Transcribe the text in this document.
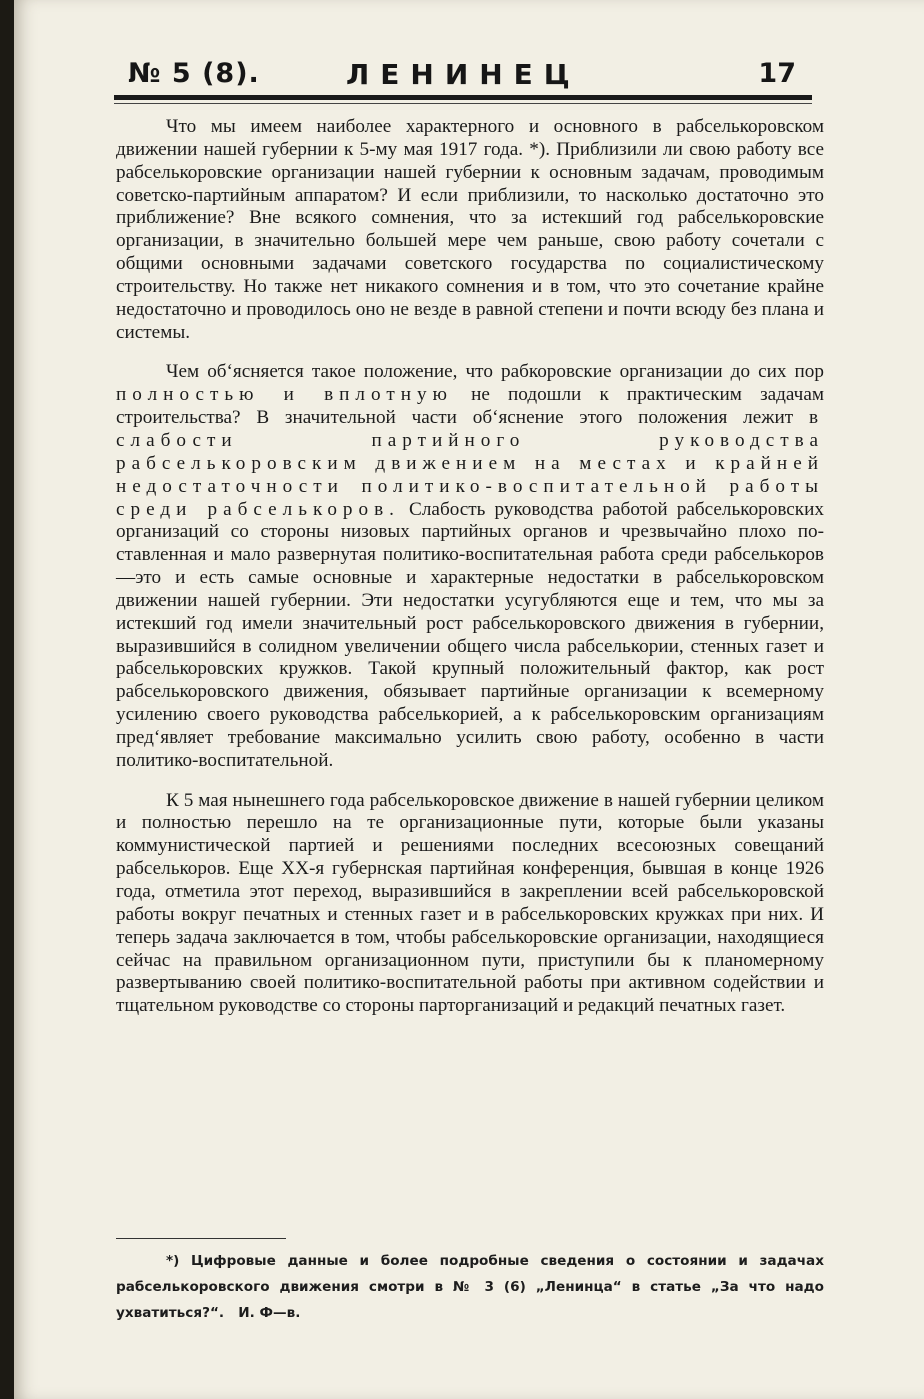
№ 5 (8).	ЛЕНИНЕЦ	17

Что мы имеем наиболее характерного и основного в рабселькоровском движении нашей губернии к 5-му мая 1917 года. *). Приблизили ли свою работу все рабселькоровские организации нашей губернии к основным задачам, проводимым советско-партийным аппаратом? И если приблизили, то насколько достаточно это приближение? Вне всякого сомнения, что за истекший год рабселькоровские организации, в значительно большей мере чем раньше, свою работу сочетали с общими основными задачами советского государства по социалистическому строительству. Но также нет никакого сомнения и в том, что это сочетание крайне недостаточно и проводилось оно не везде в равной степени и почти всюду без плана и системы.

Чем об‘ясняется такое положение, что рабкоровские организации до сих пор полностью и вплотную не подошли к практическим задачам строительства? В значительной части об‘яснение этого положения лежит в слабости партийного руководства рабселькоровским движением на местах и крайней недостаточности политико-воспитательной работы среди рабселькоров. Слабость руководства работой рабселькоровских организаций со стороны низовых партийных органов и чрезвычайно плохо поставленная и мало развернутая политико-воспитательная работа среди рабселькоров—это и есть самые основные и характерные недостатки в рабселькоровском движении нашей губернии. Эти недостатки усугубляются еще и тем, что мы за истекший год имели значительный рост рабселькоровского движения в губернии, выразившийся в солидном увеличении общего числа рабселькории, стенных газет и рабселькоровских кружков. Такой крупный положительный фактор, как рост рабселькоровского движения, обязывает партийные организации к всемерному усилению своего руководства рабселькорией, а к рабселькоровским организациям пред‘являет требование максимально усилить свою работу, особенно в части политико-воспитательной.

К 5 мая нынешнего года рабселькоровское движение в нашей губернии целиком и полностью перешло на те организационные пути, которые были указаны коммунистической партией и решениями последних всесоюзных совещаний рабселькоров. Еще ХХ-я губернская партийная конференция, бывшая в конце 1926 года, отметила этот переход, выразившийся в закреплении всей рабселькоровской работы вокруг печатных и стенных газет и в рабселькоровских кружках при них. И теперь задача заключается в том, чтобы рабселькоровские организации, находящиеся сейчас на правильном организационном пути, приступили бы к планомерному развертыванию своей политико-воспитательной работы при активном содействии и тщательном руководстве со стороны парторганизаций и редакций печатных газет.

*) Цифровые данные и более подробные сведения о состоянии и задачах рабселькоровского движения смотри в № 3 (6) „Ленинца“ в статье „За что надо ухватиться?“. И. Ф—в.
